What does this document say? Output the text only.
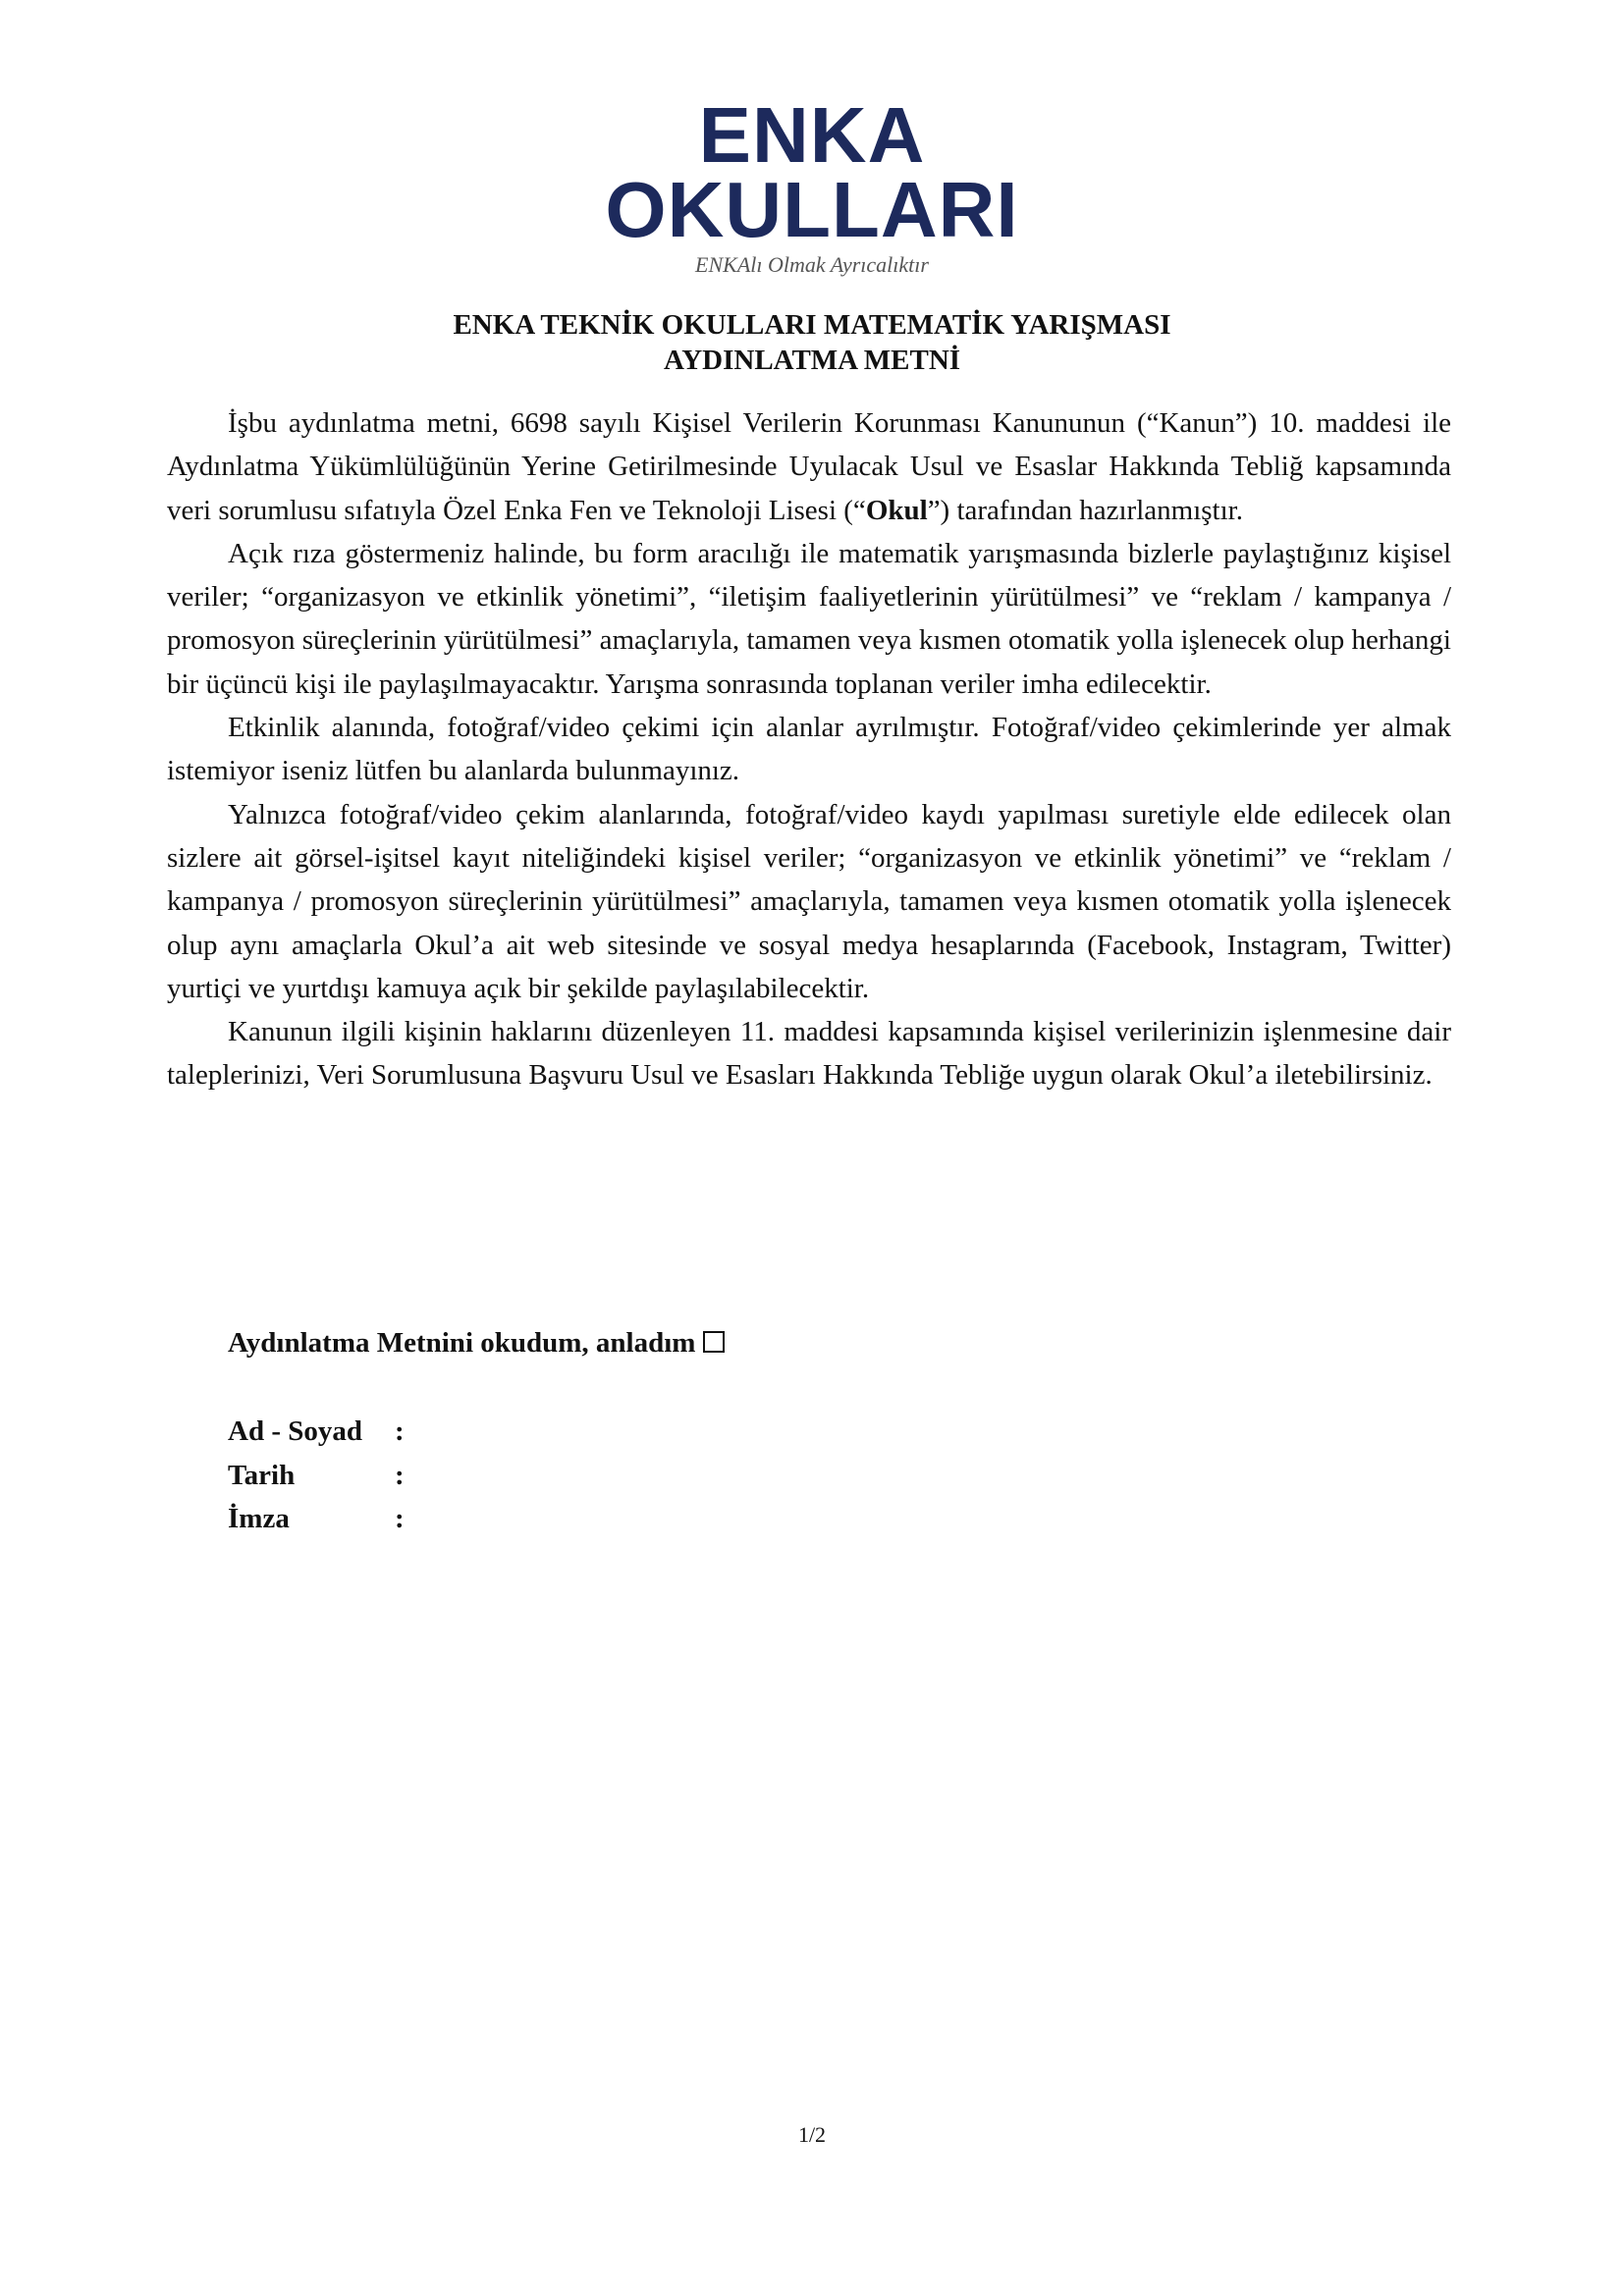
ENKA
OKULLARI
ENKAlı Olmak Ayrıcalıktır
ENKA TEKNİK OKULLARI MATEMATİK YARIŞMASI
AYDINLATMA METNİ

İşbu aydınlatma metni, 6698 sayılı Kişisel Verilerin Korunması Kanununun (“Kanun”) 10. maddesi ile Aydınlatma Yükümlülüğünün Yerine Getirilmesinde Uyulacak Usul ve Esaslar Hakkında Tebliğ kapsamında veri sorumlusu sıfatıyla Özel Enka Fen ve Teknoloji Lisesi (“Okul”) tarafından hazırlanmıştır.

Açık rıza göstermeniz halinde, bu form aracılığı ile matematik yarışmasında bizlerle paylaştığınız kişisel veriler; “organizasyon ve etkinlik yönetimi”, “iletişim faaliyetlerinin yürütülmesi” ve “reklam / kampanya / promosyon süreçlerinin yürütülmesi” amaçlarıyla, tamamen veya kısmen otomatik yolla işlenecek olup herhangi bir üçüncü kişi ile paylaşılmayacaktır. Yarışma sonrasında toplanan veriler imha edilecektir.

Etkinlik alanında, fotoğraf/video çekimi için alanlar ayrılmıştır. Fotoğraf/video çekimlerinde yer almak istemiyor iseniz lütfen bu alanlarda bulunmayınız.

Yalnızca fotoğraf/video çekim alanlarında, fotoğraf/video kaydı yapılması suretiyle elde edilecek olan sizlere ait görsel-işitsel kayıt niteliğindeki kişisel veriler; “organizasyon ve etkinlik yönetimi” ve “reklam / kampanya / promosyon süreçlerinin yürütülmesi” amaçlarıyla, tamamen veya kısmen otomatik yolla işlenecek olup aynı amaçlarla Okul’a ait web sitesinde ve sosyal medya hesaplarında (Facebook, Instagram, Twitter) yurtiçi ve yurtdışı kamuya açık bir şekilde paylaşılabilecektir.

Kanunun ilgili kişinin haklarını düzenleyen 11. maddesi kapsamında kişisel verilerinizin işlenmesine dair taleplerinizi, Veri Sorumlusuna Başvuru Usul ve Esasları Hakkında Tebliğe uygun olarak Okul’a iletebilirsiniz.

Aydınlatma Metnini okudum, anladım
Ad - Soyad	:
Tarih	:
İmza	:
1/2
